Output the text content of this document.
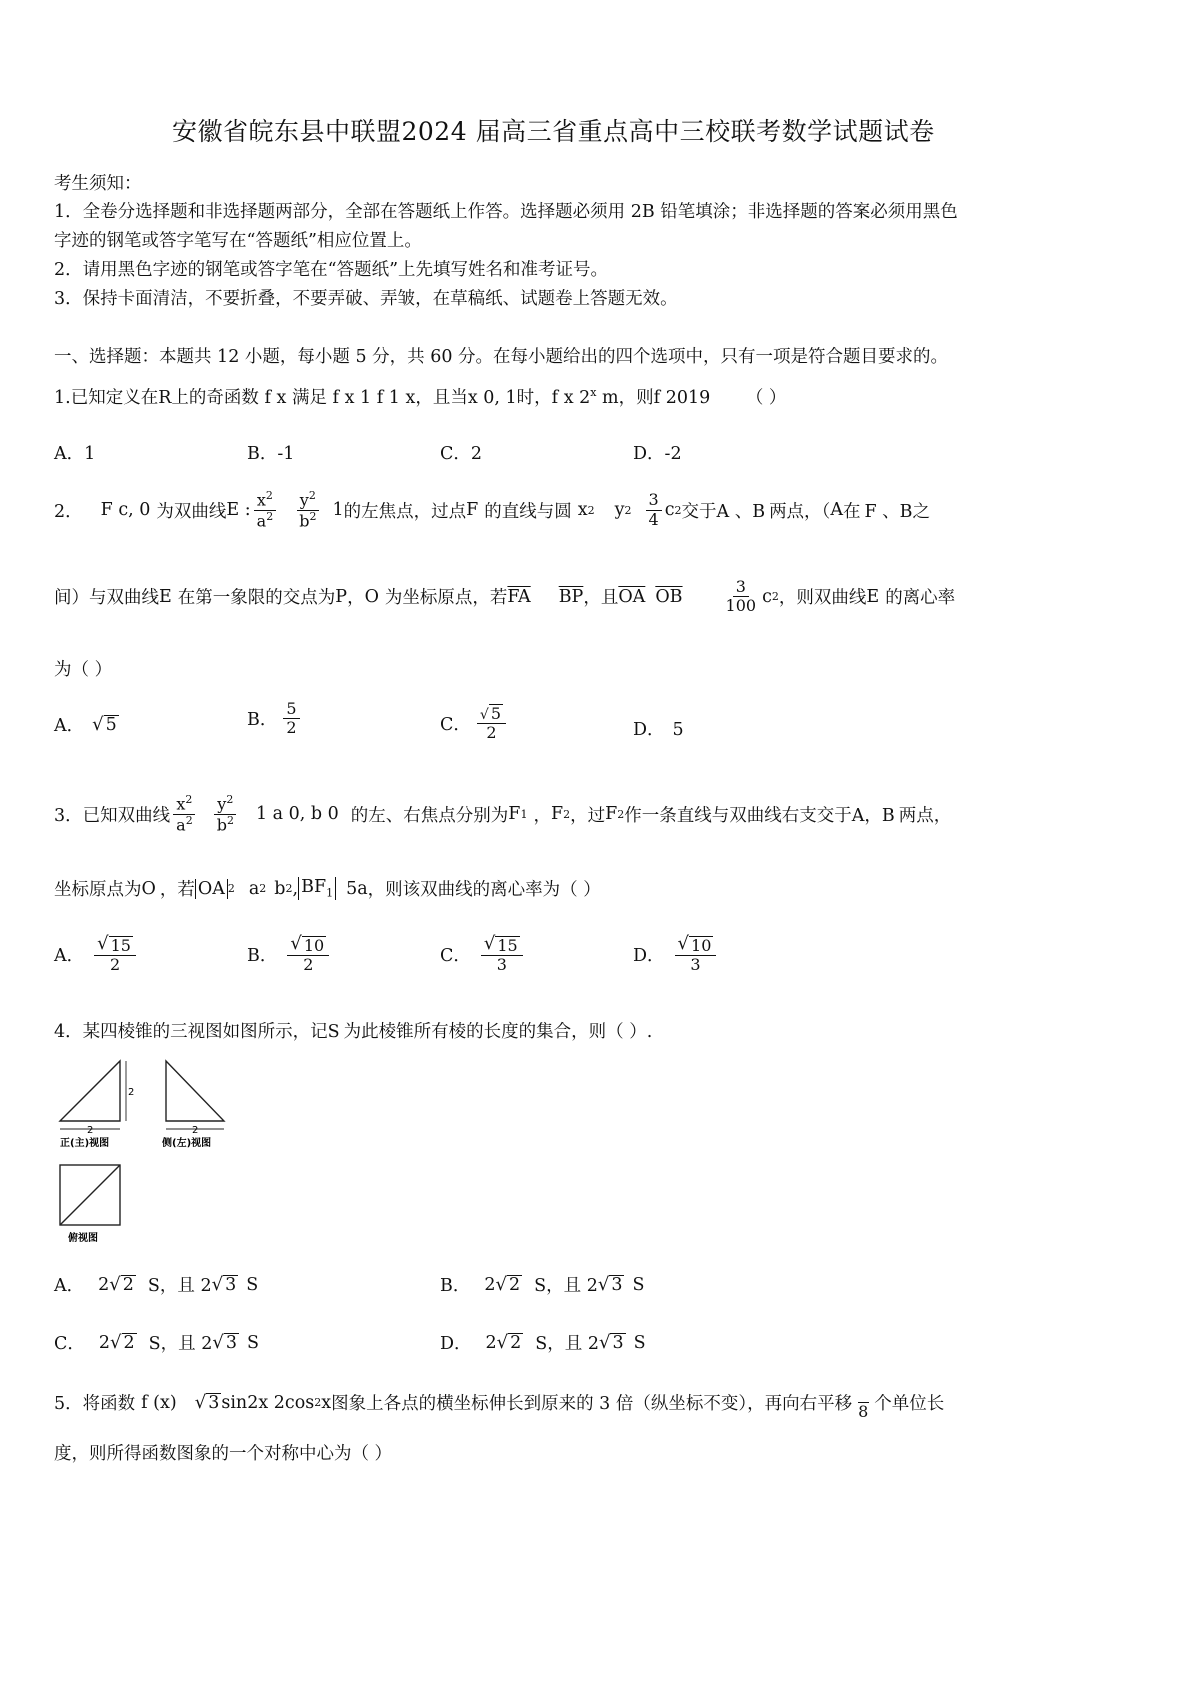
安徽省皖东县中联盟2024 届高三省重点高中三校联考数学试题试卷
考生须知：
1．全卷分选择题和非选择题两部分，全部在答题纸上作答。选择题必须用 2B 铅笔填涂；非选择题的答案必须用黑色
字迹的钢笔或答字笔写在“答题纸”相应位置上。
2．请用黑色字迹的钢笔或答字笔在“答题纸”上先填写姓名和准考证号。
3．保持卡面清洁，不要折叠，不要弄破、弄皱，在草稿纸、试题卷上答题无效。
一、选择题：本题共 12 小题，每小题 5 分，共 60 分。在每小题给出的四个选项中，只有一项是符合题目要求的。
1.已知定义在R上的奇函数 f x 满足 f x 1 f 1 x，且当x 0, 1时，f x 2$^x$ m，则f 2019 （ ）
A．1	B．-1	C．2	D．-2
2． F c, 0 为双曲线 E : $\frac{x^2}{a^2} \frac{y^2}{b^2} 1$ 的左焦点，过点 F 的直线与圆 x 2 y $2 \frac{3}{4}$ c 2 交于 A 、B 两点，（ A 在 F 、B 之
间）与双曲线 E 在第一象限的交点为 P ， O 为坐标原点，若 $\overline{FA}$ $\overline{BP}$ ，且 $\overline{OA}$ $\overline{OB}$	$\frac{3}{100}$ c 2 ，则双曲线 E 的离心率
为（ ）
A． √ 5	B． $\frac{5}{2}$	C． $\frac{√ 5}{2}$	D． 5
3．已知双曲线 $\frac{x^2}{a^2} \frac{y^2}{b^2} 1$ a 0, b 0 的左、右焦点分别为 F 1 ， F 2 ，过 F 2 作一条直线与双曲线右支交于 A，B 两点，
坐标原点为 O ，若 OA 2 a 2 b 2 , $BF_1$ 5a ，则该双曲线的离心率为（ ）
A． $\frac{√ 15}{2}$	B． $\frac{√ 10}{2}$	C． $\frac{√ 15}{3}$	D． $\frac{√ 10}{3}$
4．某四棱锥的三视图如图所示，记S 为此棱锥所有棱的长度的集合，则（ ）.
2
2
正(主)视图
2
侧(左)视图
俯视图
A． 2 √ 2 S，且 2 √ 3 S	B． 2 √ 2 S，且 2 √ 3 S
C． 2 √ 2 S，且 2 √ 3 S	D． 2 √ 2 S，且 2 √ 3 S
5．将函数 f (x) √ 3 sin2x 2cos 2 x 图象上各点的横坐标伸长到原来的 3 倍（纵坐标不变），再向右平移
8 个单位长
度，则所得函数图象的一个对称中心为（ ）
